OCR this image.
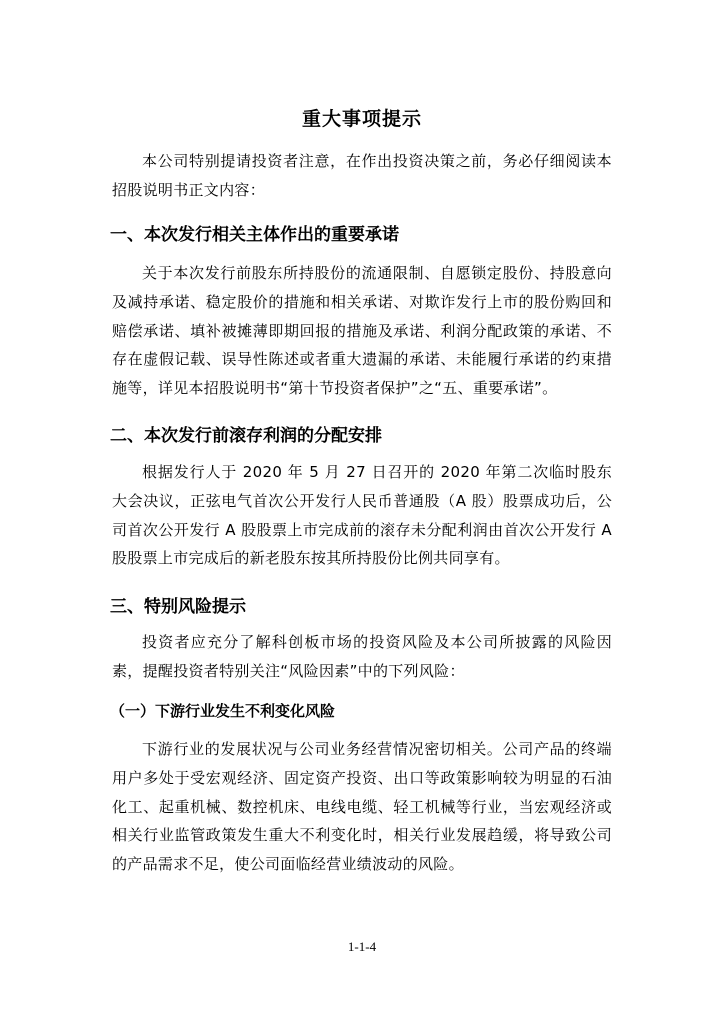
重大事项提示

本公司特别提请投资者注意，在作出投资决策之前，务必仔细阅读本招股说明书正文内容：

一、本次发行相关主体作出的重要承诺

关于本次发行前股东所持股份的流通限制、自愿锁定股份、持股意向及减持承诺、稳定股价的措施和相关承诺、对欺诈发行上市的股份购回和赔偿承诺、填补被摊薄即期回报的措施及承诺、利润分配政策的承诺、不存在虚假记载、误导性陈述或者重大遗漏的承诺、未能履行承诺的约束措施等，详见本招股说明书“第十节投资者保护”之“五、重要承诺”。

二、本次发行前滚存利润的分配安排

根据发行人于 2020 年 5 月 27 日召开的 2020 年第二次临时股东大会决议，正弦电气首次公开发行人民币普通股（A 股）股票成功后，公司首次公开发行 A 股股票上市完成前的滚存未分配利润由首次公开发行 A 股股票上市完成后的新老股东按其所持股份比例共同享有。

三、特别风险提示

投资者应充分了解科创板市场的投资风险及本公司所披露的风险因素，提醒投资者特别关注“风险因素”中的下列风险：

（一）下游行业发生不利变化风险

下游行业的发展状况与公司业务经营情况密切相关。公司产品的终端用户多处于受宏观经济、固定资产投资、出口等政策影响较为明显的石油化工、起重机械、数控机床、电线电缆、轻工机械等行业，当宏观经济或相关行业监管政策发生重大不利变化时，相关行业发展趋缓，将导致公司的产品需求不足，使公司面临经营业绩波动的风险。

1-1-4
